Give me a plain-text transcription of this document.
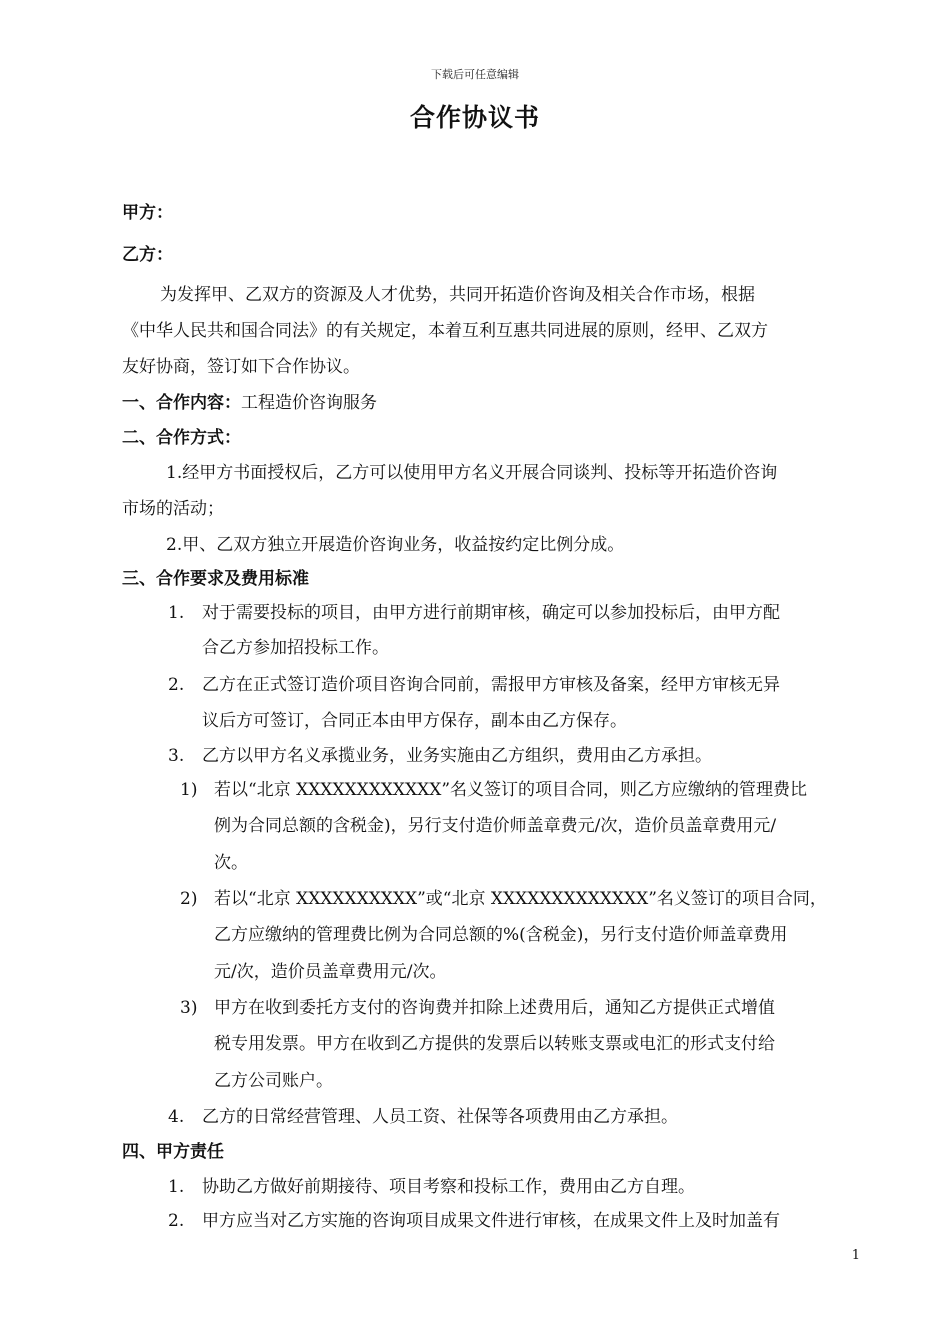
下载后可任意编辑
合作协议书
甲方：
乙方：
为发挥甲、乙双方的资源及人才优势，共同开拓造价咨询及相关合作市场，根据
《中华人民共和国合同法》的有关规定，本着互利互惠共同进展的原则，经甲、乙双方
友好协商，签订如下合作协议。
一、合作内容：工程造价咨询服务
二、合作方式：
1.经甲方书面授权后，乙方可以使用甲方名义开展合同谈判、投标等开拓造价咨询
市场的活动；
2.甲、乙双方独立开展造价咨询业务，收益按约定比例分成。
三、合作要求及费用标准
1. 对于需要投标的项目，由甲方进行前期审核，确定可以参加投标后，由甲方配
合乙方参加招投标工作。
2. 乙方在正式签订造价项目咨询合同前，需报甲方审核及备案，经甲方审核无异
议后方可签订，合同正本由甲方保存，副本由乙方保存。
3. 乙方以甲方名义承揽业务，业务实施由乙方组织，费用由乙方承担。
1) 若以“北京 XXXXXXXXXXXX”名义签订的项目合同，则乙方应缴纳的管理费比
例为合同总额的含税金)，另行支付造价师盖章费元/次，造价员盖章费用元/
次。
2) 若以“北京 XXXXXXXXXX”或“北京 XXXXXXXXXXXXX”名义签订的项目合同，
乙方应缴纳的管理费比例为合同总额的%(含税金)，另行支付造价师盖章费用
元/次，造价员盖章费用元/次。
3) 甲方在收到委托方支付的咨询费并扣除上述费用后，通知乙方提供正式增值
税专用发票。甲方在收到乙方提供的发票后以转账支票或电汇的形式支付给
乙方公司账户。
4. 乙方的日常经营管理、人员工资、社保等各项费用由乙方承担。
四、甲方责任
1. 协助乙方做好前期接待、项目考察和投标工作，费用由乙方自理。
2. 甲方应当对乙方实施的咨询项目成果文件进行审核，在成果文件上及时加盖有
1
